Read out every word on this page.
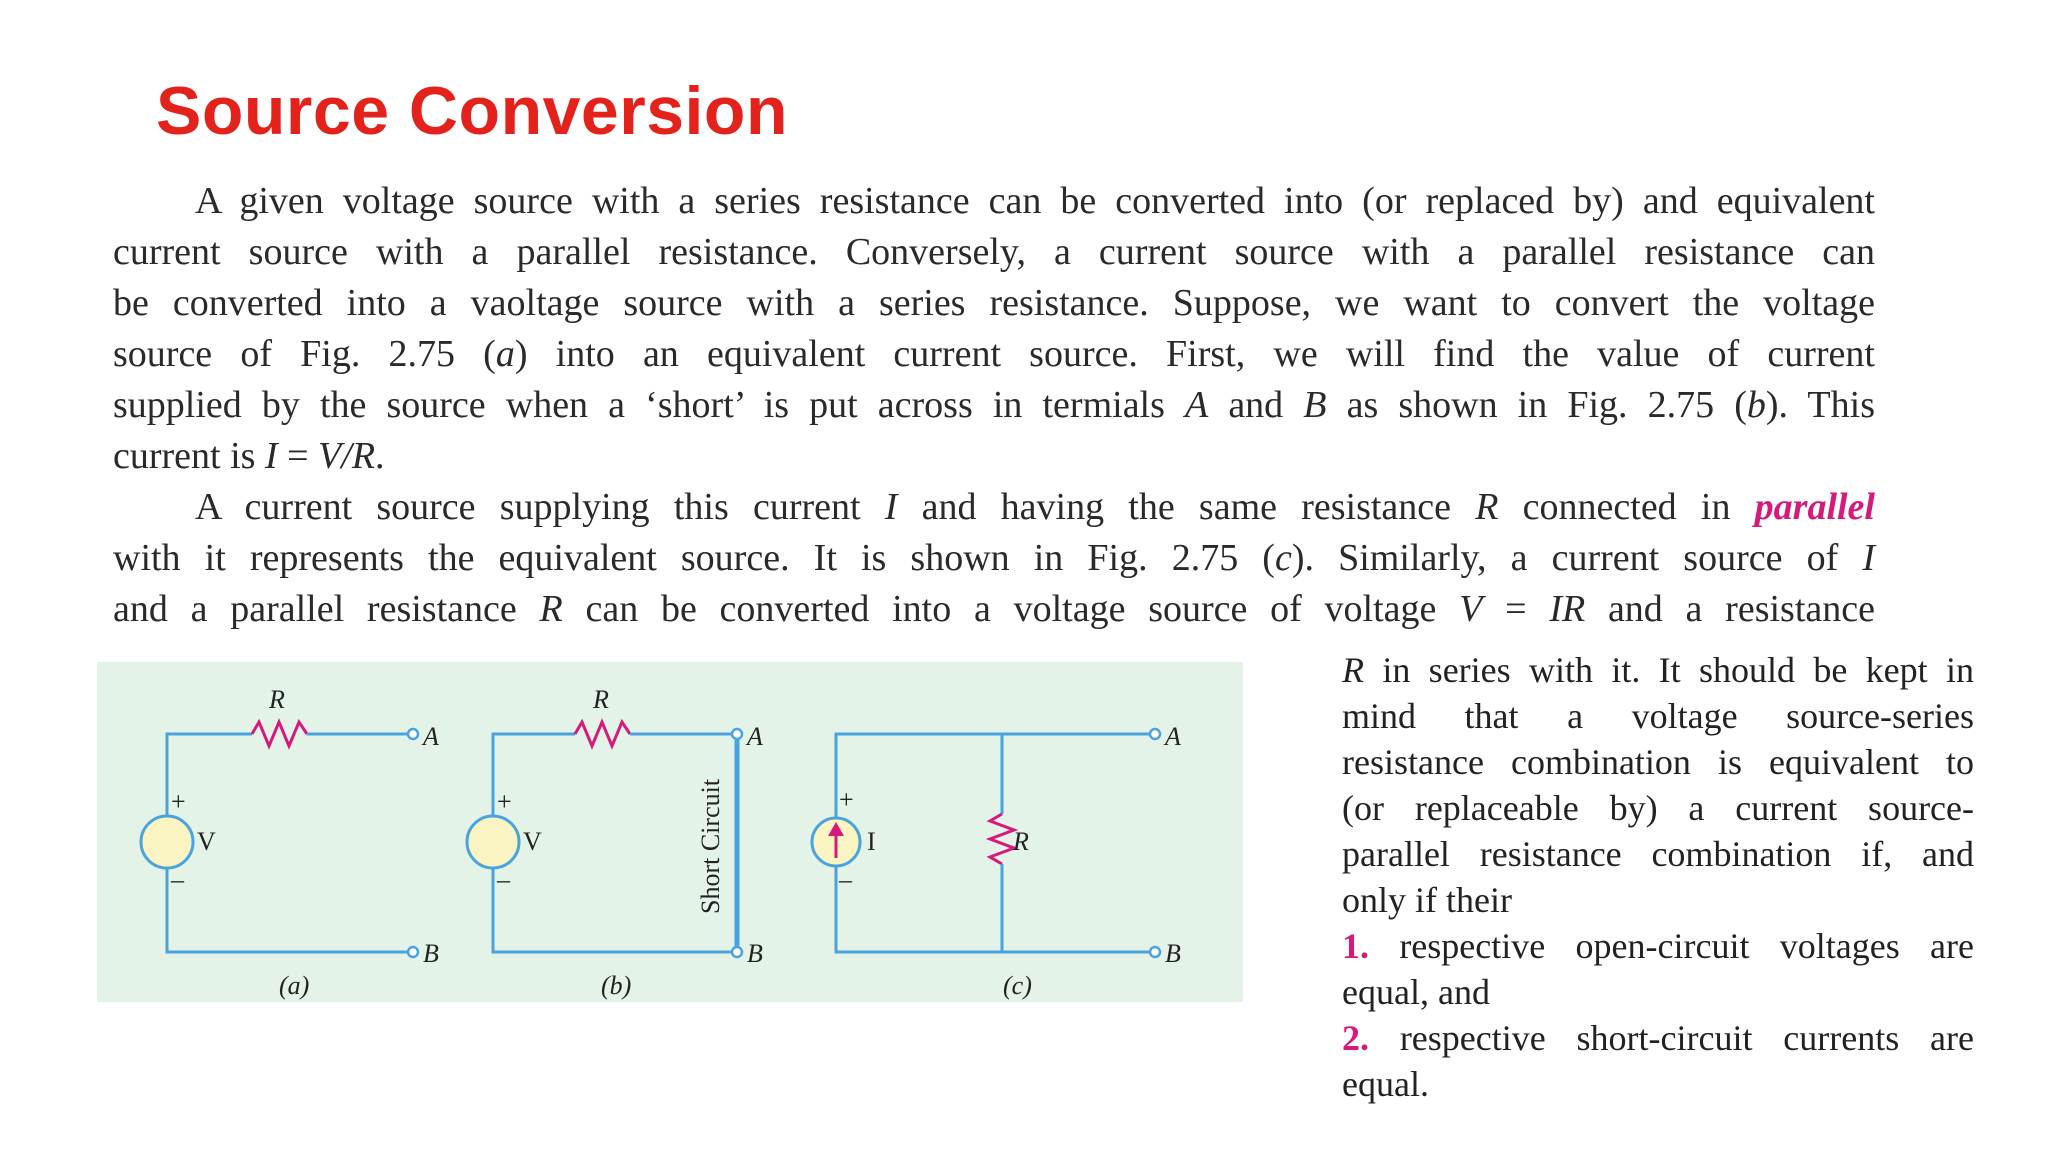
Source Conversion
A given voltage source with a series resistance can be converted into (or replaced by) and equivalent
current source with a parallel resistance. Conversely, a current source with a parallel resistance can
be converted into a vaoltage source with a series resistance. Suppose, we want to convert the voltage
source of Fig. 2.75 (a) into an equivalent current source. First, we will find the value of current
supplied by the source when a ‘short’ is put across in termials A and B as shown in Fig. 2.75 (b). This
current is I = V/R.
A current source supplying this current I and having the same resistance R connected in parallel
with it represents the equivalent source. It is shown in Fig. 2.75 (c). Similarly, a current source of I
and a parallel resistance R can be converted into a voltage source of voltage V = IR and a resistance
R in series with it. It should be kept in
mind that a voltage source-series
resistance combination is equivalent to
(or replaceable by) a current source-
parallel resistance combination if, and
only if their
1. respective open-circuit voltages are
equal, and
2. respective short-circuit currents are
equal.
R
A
B
V
+
–
(a)
R
A
B
V
+
–	Short Circuit
(b)
R
A
B
I
+
–
(c)
